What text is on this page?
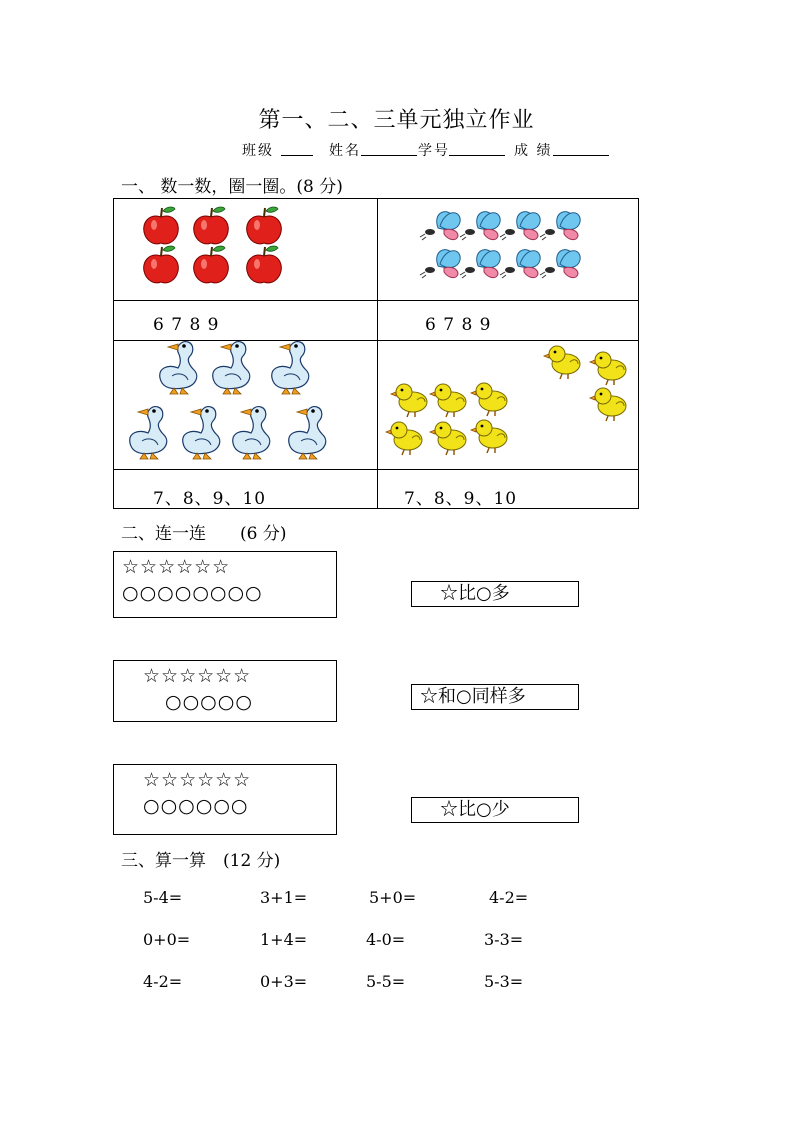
第一、二、三单元独立作业
班级	姓名	学号	成 绩
一、 数一数，圈一圈。(8 分)
6 7 8 9	6 7 8 9
7、8、9、10	7、8、9、10
二、连一连　　(6 分)
☆☆☆☆☆☆
○○○○○○○○
☆☆☆☆☆☆
○○○○○
☆☆☆☆☆☆
○○○○○○
☆比○多
☆和○同样多
☆比○少
三、算一算　(12 分)
5-4=	3+1=	5+0=	4-2=
0+0=	1+4=	4-0=	3-3=
4-2=	0+3=	5-5=	5-3=
